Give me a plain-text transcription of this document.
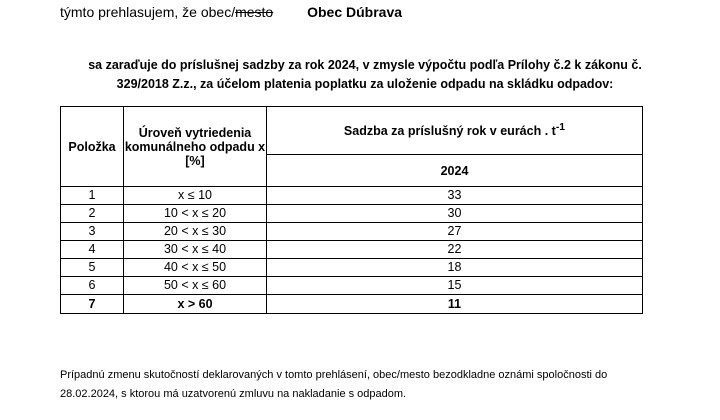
týmto prehlasujem, že obec/mesto Obec Dúbrava
sa zaraďuje do príslušnej sadzby za rok 2024, v zmysle výpočtu podľa Prílohy č.2 k zákonu č. 329/2018 Z.z., za účelom platenia poplatku za uloženie odpadu na skládku odpadov:
Položka	Úroveň vytriedenia komunálneho odpadu x [%]	Sadzba za príslušný rok v eurách . $t^{-1}$
		2024
1	x ≤ 10	33
2	10 < x ≤ 20	30
3	20 < x ≤ 30	27
4	30 < x ≤ 40	22
5	40 < x ≤ 50	18
6	50 < x ≤ 60	15
7	x > 60	11
Prípadnú zmenu skutočností deklarovaných v tomto prehlásení, obec/mesto bezodkladne oznámi spoločnosti do 28.02.2024, s ktorou má uzatvorenú zmluvu na nakladanie s odpadom.
